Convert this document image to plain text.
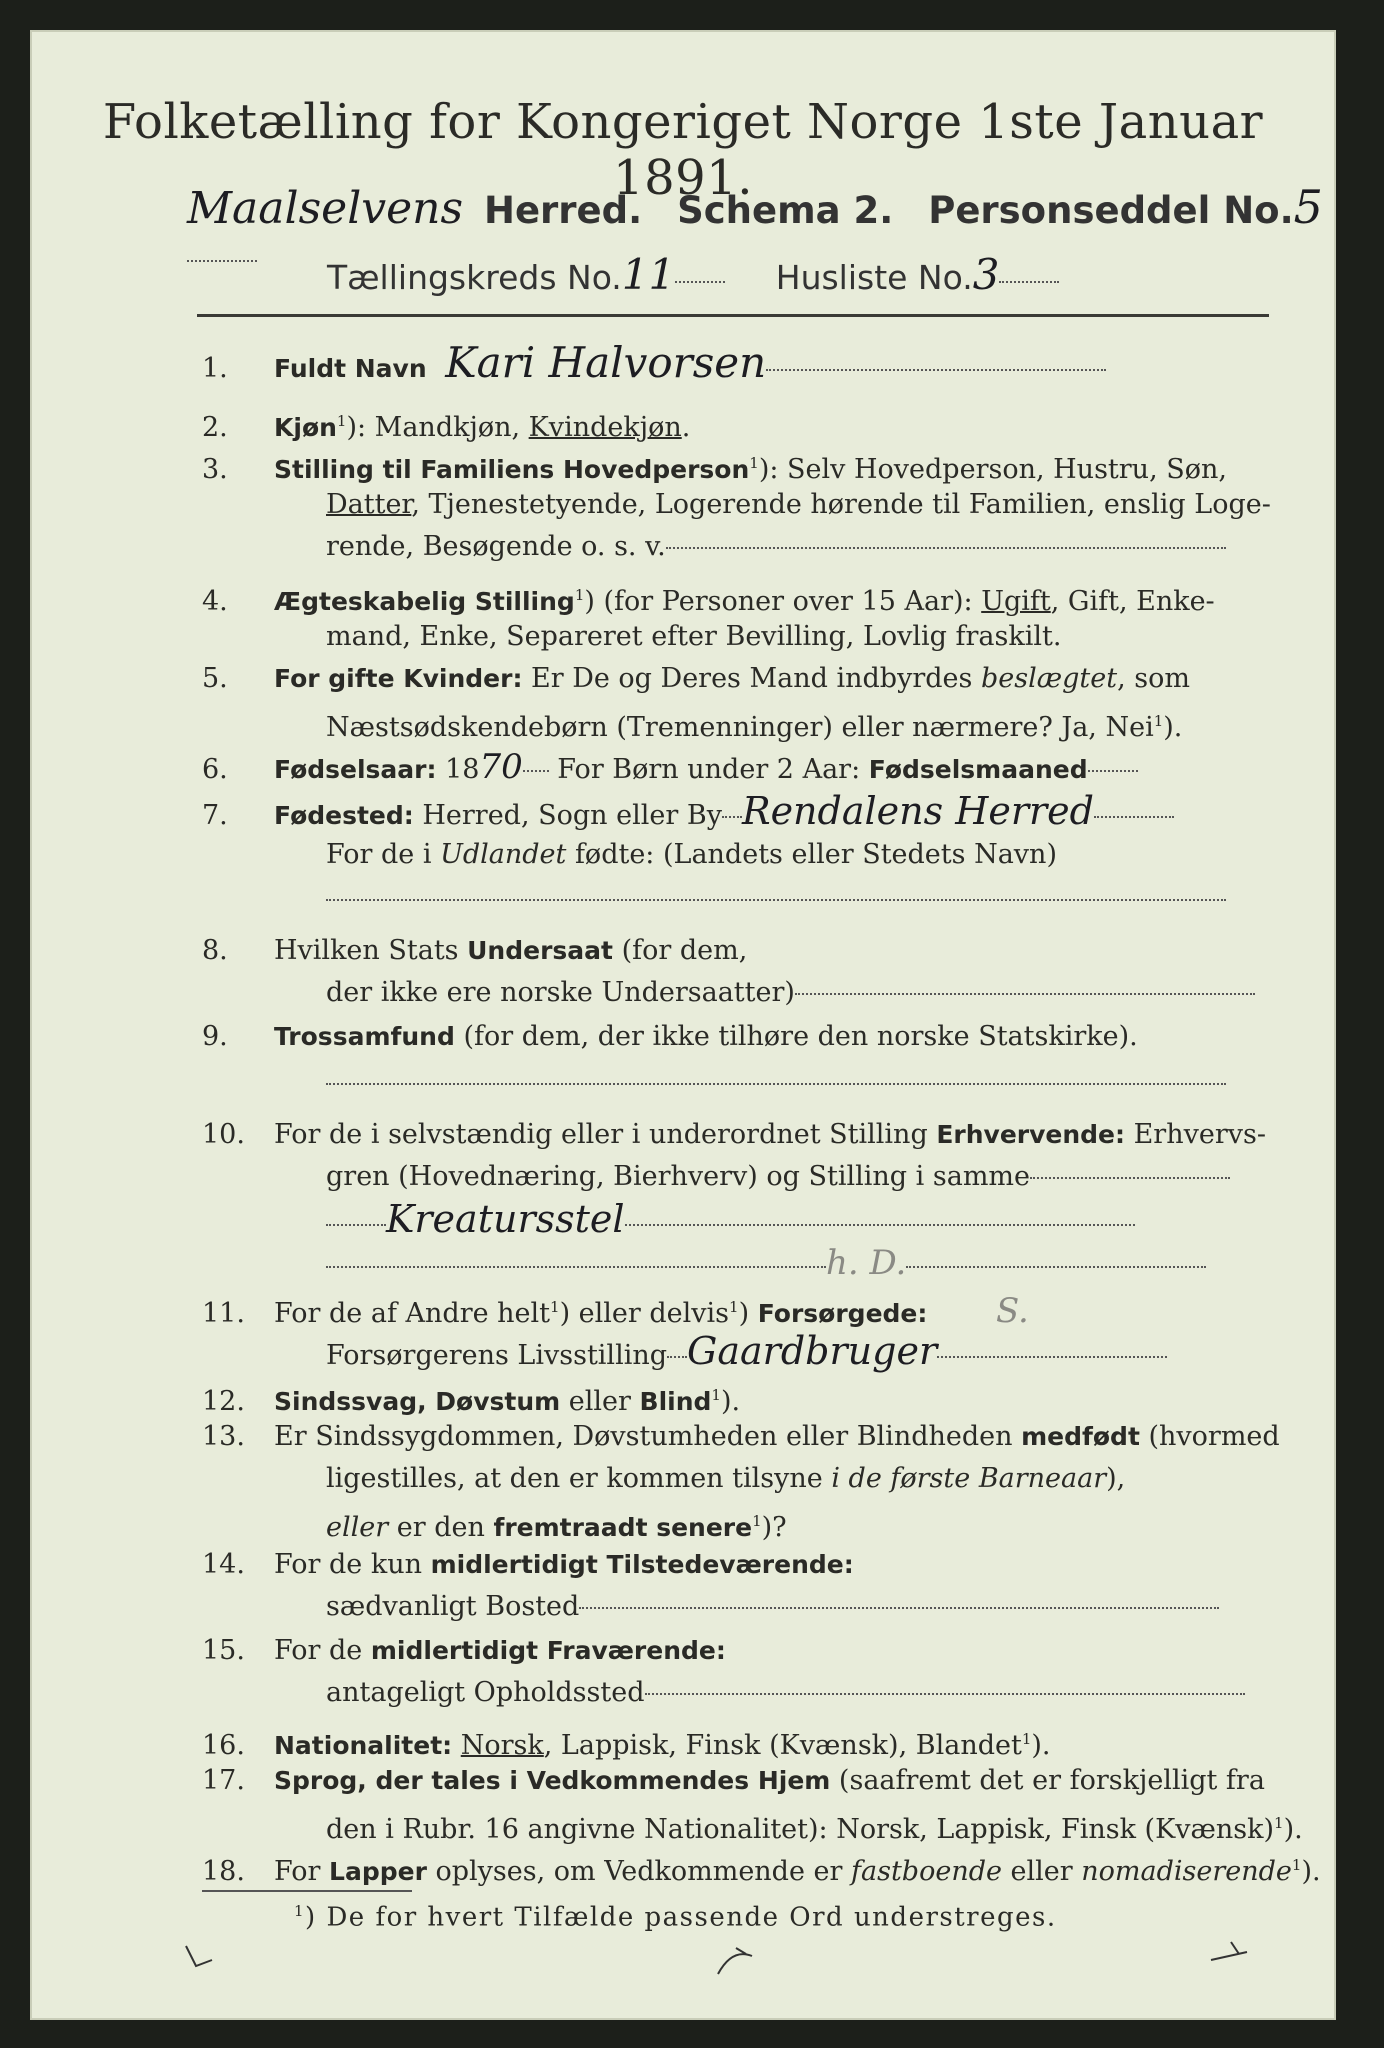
Folketælling for Kongeriget Norge 1ste Januar 1891.
Maalselvens Herred. Schema 2. Personseddel No.5
Tællingskreds No.11	Husliste No.3
1. Fuldt Navn Kari Halvorsen
2. Kjøn$^1$): Mandkjøn, Kvindekjøn.
3. Stilling til Familiens Hovedperson$^1$): Selv Hovedperson, Hustru, Søn,
Datter, Tjenestetyende, Logerende hørende til Familien, enslig Loge-
rende, Besøgende o. s. v.
4. Ægteskabelig Stilling$^1$) (for Personer over 15 Aar): Ugift, Gift, Enke-
mand, Enke, Separeret efter Bevilling, Lovlig fraskilt.
5. For gifte Kvinder: Er De og Deres Mand indbyrdes beslægtet, som
Næstsødskendebørn (Tremenninger) eller nærmere? Ja, Nei$^1$).
6. Fødselsaar: 1870 For Børn under 2 Aar: Fødselsmaaned
7. Fødested: Herred, Sogn eller By Rendalens Herred
For de i Udlandet fødte: (Landets eller Stedets Navn)
8. Hvilken Stats Undersaat (for dem,
der ikke ere norske Undersaatter)
9. Trossamfund (for dem, der ikke tilhøre den norske Statskirke).
10. For de i selvstændig eller i underordnet Stilling Erhvervende: Erhvervs-
gren (Hovednæring, Bierhverv) og Stilling i samme
Kreatursstel
h. D.
11. For de af Andre helt$^1$) eller delvis$^1$) Forsørgede: S.
Forsørgerens Livsstilling Gaardbruger
12. Sindssvag, Døvstum eller Blind$^1$).
13. Er Sindssygdommen, Døvstumheden eller Blindheden medfødt (hvormed
ligestilles, at den er kommen tilsyne i de første Barneaar),
eller er den fremtraadt senere$^1$)?
14. For de kun midlertidigt Tilstedeværende:
sædvanligt Bosted
15. For de midlertidigt Fraværende:
antageligt Opholdssted
16. Nationalitet: Norsk, Lappisk, Finsk (Kvænsk), Blandet$^1$).
17. Sprog, der tales i Vedkommendes Hjem (saafremt det er forskjelligt fra
den i Rubr. 16 angivne Nationalitet): Norsk, Lappisk, Finsk (Kvænsk)$^1$).
18. For Lapper oplyses, om Vedkommende er fastboende eller nomadiserende$^1$).
$^1$) De for hvert Tilfælde passende Ord understreges.
